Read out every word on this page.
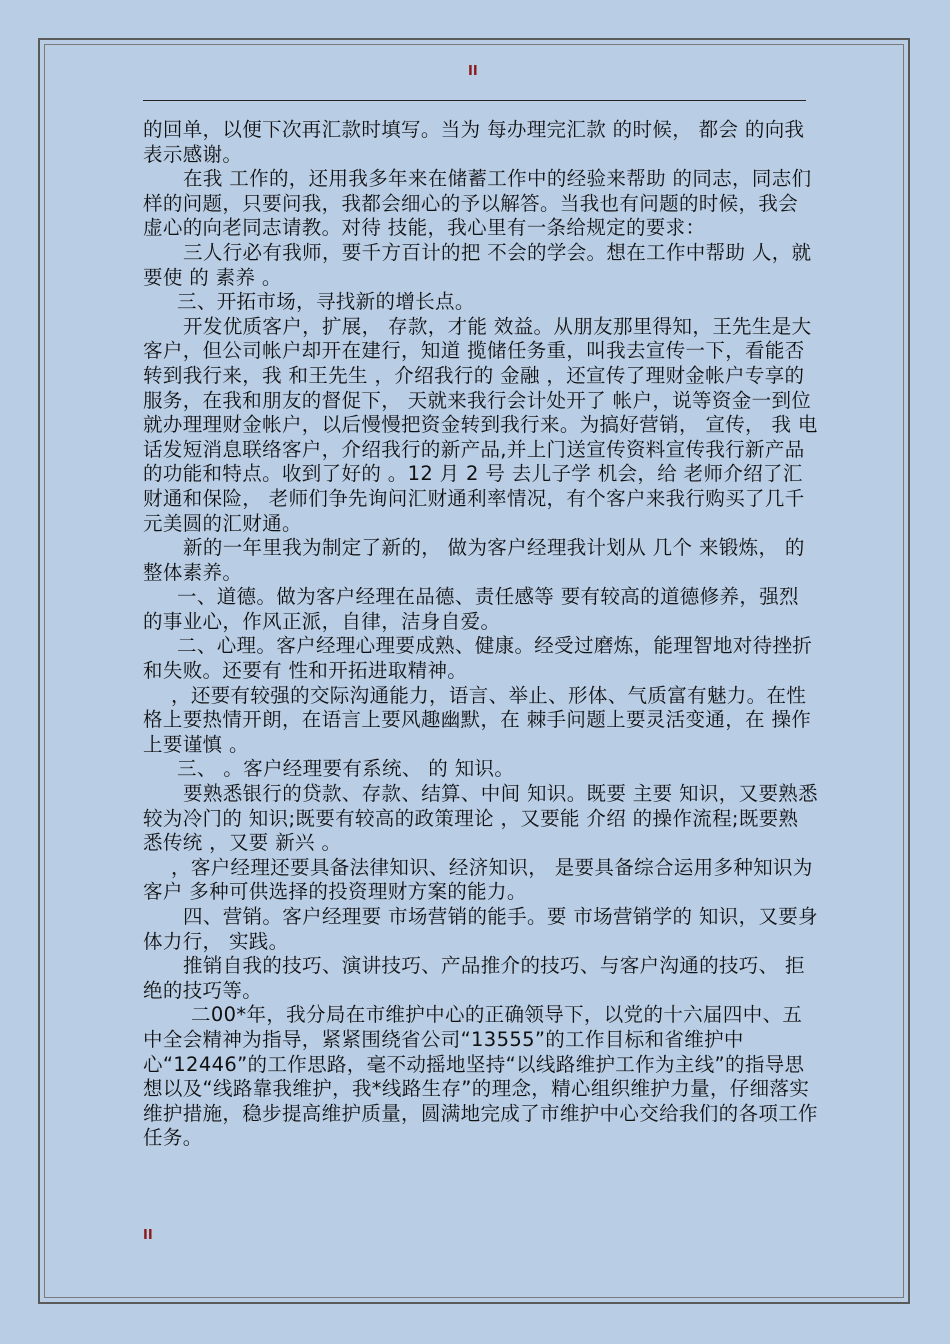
II

的回单，以便下次再汇款时填写。当为 每办理完汇款 的时候， 都会 的向我表示感谢。

在我 工作的，还用我多年来在储蓄工作中的经验来帮助 的同志，同志们 样的问题，只要问我，我都会细心的予以解答。当我也有问题的时候，我会 虚心的向老同志请教。对待 技能，我心里有一条给规定的要求：

三人行必有我师，要千方百计的把 不会的学会。想在工作中帮助 人，就要使 的 素养 。

三、开拓市场，寻找新的增长点。

开发优质客户，扩展， 存款，才能 效益。从朋友那里得知，王先生是大客户，但公司帐户却开在建行，知道 揽储任务重，叫我去宣传一下，看能否转到我行来，我 和王先生 ，介绍我行的 金融 ，还宣传了理财金帐户专享的服务，在我和朋友的督促下， 天就来我行会计处开了 帐户，说等资金一到位就办理理财金帐户，以后慢慢把资金转到我行来。为搞好营销， 宣传， 我 电话发短消息联络客户，介绍我行的新产品,并上门送宣传资料宣传我行新产品的功能和特点。收到了好的 。12 月 2 号 去儿子学 机会，给 老师介绍了汇财通和保险， 老师们争先询问汇财通利率情况，有个客户来我行购买了几千元美圆的汇财通。

新的一年里我为制定了新的， 做为客户经理我计划从 几个 来锻炼， 的整体素养。

一、道德。做为客户经理在品德、责任感等 要有较高的道德修养，强烈的事业心，作风正派，自律，洁身自爱。

二、心理。客户经理心理要成熟、健康。经受过磨炼，能理智地对待挫折和失败。还要有 性和开拓进取精神。

，还要有较强的交际沟通能力，语言、举止、形体、气质富有魅力。在性格上要热情开朗，在语言上要风趣幽默，在 棘手问题上要灵活变通，在 操作上要谨慎 。

三、 。客户经理要有系统、 的 知识。

要熟悉银行的贷款、存款、结算、中间 知识。既要 主要 知识，又要熟悉较为冷门的 知识;既要有较高的政策理论 ，又要能 介绍 的操作流程;既要熟悉传统 ，又要 新兴 。

，客户经理还要具备法律知识、经济知识， 是要具备综合运用多种知识为客户 多种可供选择的投资理财方案的能力。

四、营销。客户经理要 市场营销的能手。要 市场营销学的 知识，又要身体力行， 实践。

推销自我的技巧、演讲技巧、产品推介的技巧、与客户沟通的技巧、 拒绝的技巧等。

二00*年，我分局在市维护中心的正确领导下，以党的十六届四中、五中全会精神为指导，紧紧围绕省公司“13555”的工作目标和省维护中心“12446”的工作思路，毫不动摇地坚持“以线路维护工作为主线”的指导思想以及“线路靠我维护，我*线路生存”的理念，精心组织维护力量，仔细落实维护措施，稳步提高维护质量，圆满地完成了市维护中心交给我们的各项工作任务。

II
